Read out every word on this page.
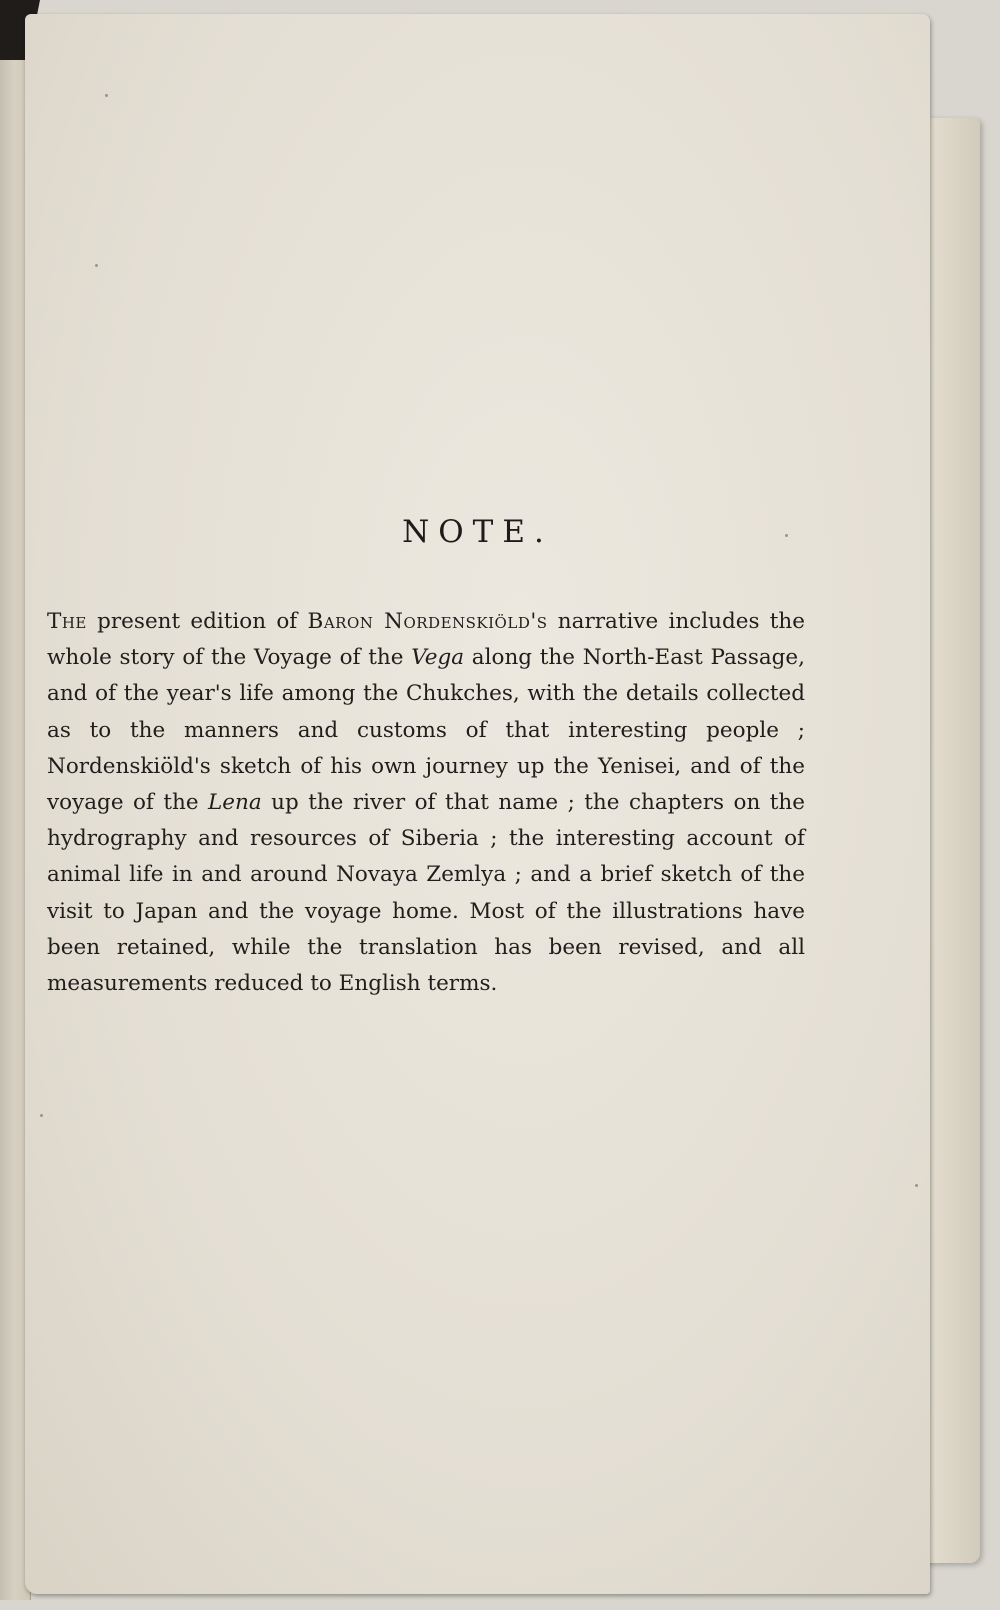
NOTE.

The present edition of Baron Nordenskiöld's narrative includes the whole story of the Voyage of the Vega along the North-East Passage, and of the year's life among the Chukches, with the details collected as to the manners and customs of that interesting people ; Nordenskiöld's sketch of his own journey up the Yenisei, and of the voyage of the Lena up the river of that name ; the chapters on the hydrography and resources of Siberia ; the interesting account of animal life in and around Novaya Zemlya ; and a brief sketch of the visit to Japan and the voyage home. Most of the illustrations have been retained, while the translation has been revised, and all measurements reduced to English terms.
